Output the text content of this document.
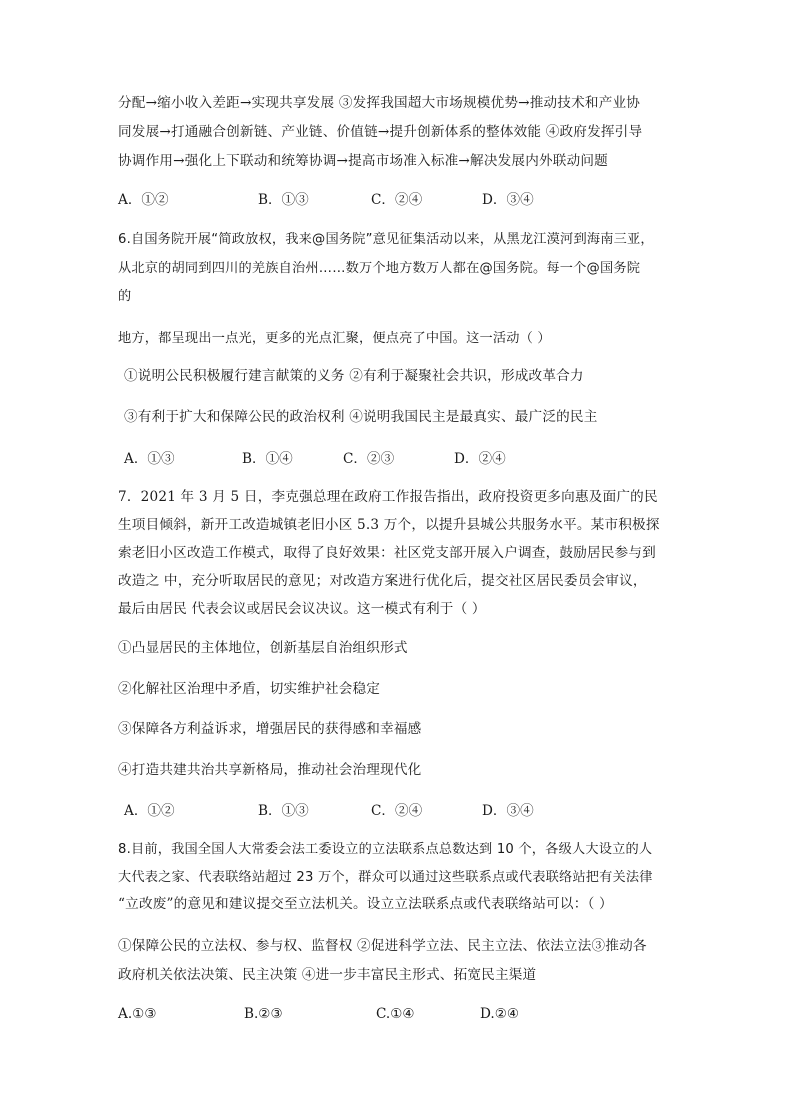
分配→缩小收入差距→实现共享发展 ③发挥我国超大市场规模优势→推动技术和产业协
同发展→打通融合创新链、产业链、价值链→提升创新体系的整体效能 ④政府发挥引导
协调作用→强化上下联动和统筹协调→提高市场准入标准→解决发展内外联动问题
A．①②	B．①③	C．②④	D．③④
6.自国务院开展“简政放权，我来@国务院”意见征集活动以来，从黑龙江漠河到海南三亚，
从北京的胡同到四川的羌族自治州……数万个地方数万人都在@国务院。每一个@国务院
的
地方，都呈现出一点光，更多的光点汇聚，便点亮了中国。这一活动（ ）
①说明公民积极履行建言献策的义务 ②有利于凝聚社会共识，形成改革合力
③有利于扩大和保障公民的政治权利 ④说明我国民主是最真实、最广泛的民主
A．①③	B．①④	C．②③	D．②④
7．2021 年 3 月 5 日，李克强总理在政府工作报告指出，政府投资更多向惠及面广的民
生项目倾斜，新开工改造城镇老旧小区 5.3 万个，以提升县城公共服务水平。某市积极探
索老旧小区改造工作模式，取得了良好效果：社区党支部开展入户调查，鼓励居民参与到
改造之 中，充分听取居民的意见；对改造方案进行优化后，提交社区居民委员会审议，
最后由居民 代表会议或居民会议决议。这一模式有利于（ ）
①凸显居民的主体地位，创新基层自治组织形式
②化解社区治理中矛盾，切实维护社会稳定
③保障各方利益诉求，增强居民的获得感和幸福感
④打造共建共治共享新格局，推动社会治理现代化
A．①②	B．①③	C．②④	D．③④
8.目前，我国全国人大常委会法工委设立的立法联系点总数达到 10 个，各级人大设立的人
大代表之家、代表联络站超过 23 万个，群众可以通过这些联系点或代表联络站把有关法律
“立改废”的意见和建议提交至立法机关。设立立法联系点或代表联络站可以：（ ）
①保障公民的立法权、参与权、监督权 ②促进科学立法、民主立法、依法立法③推动各
政府机关依法决策、民主决策 ④进一步丰富民主形式、拓宽民主渠道
A.①③	B.②③	C.①④	D.②④
